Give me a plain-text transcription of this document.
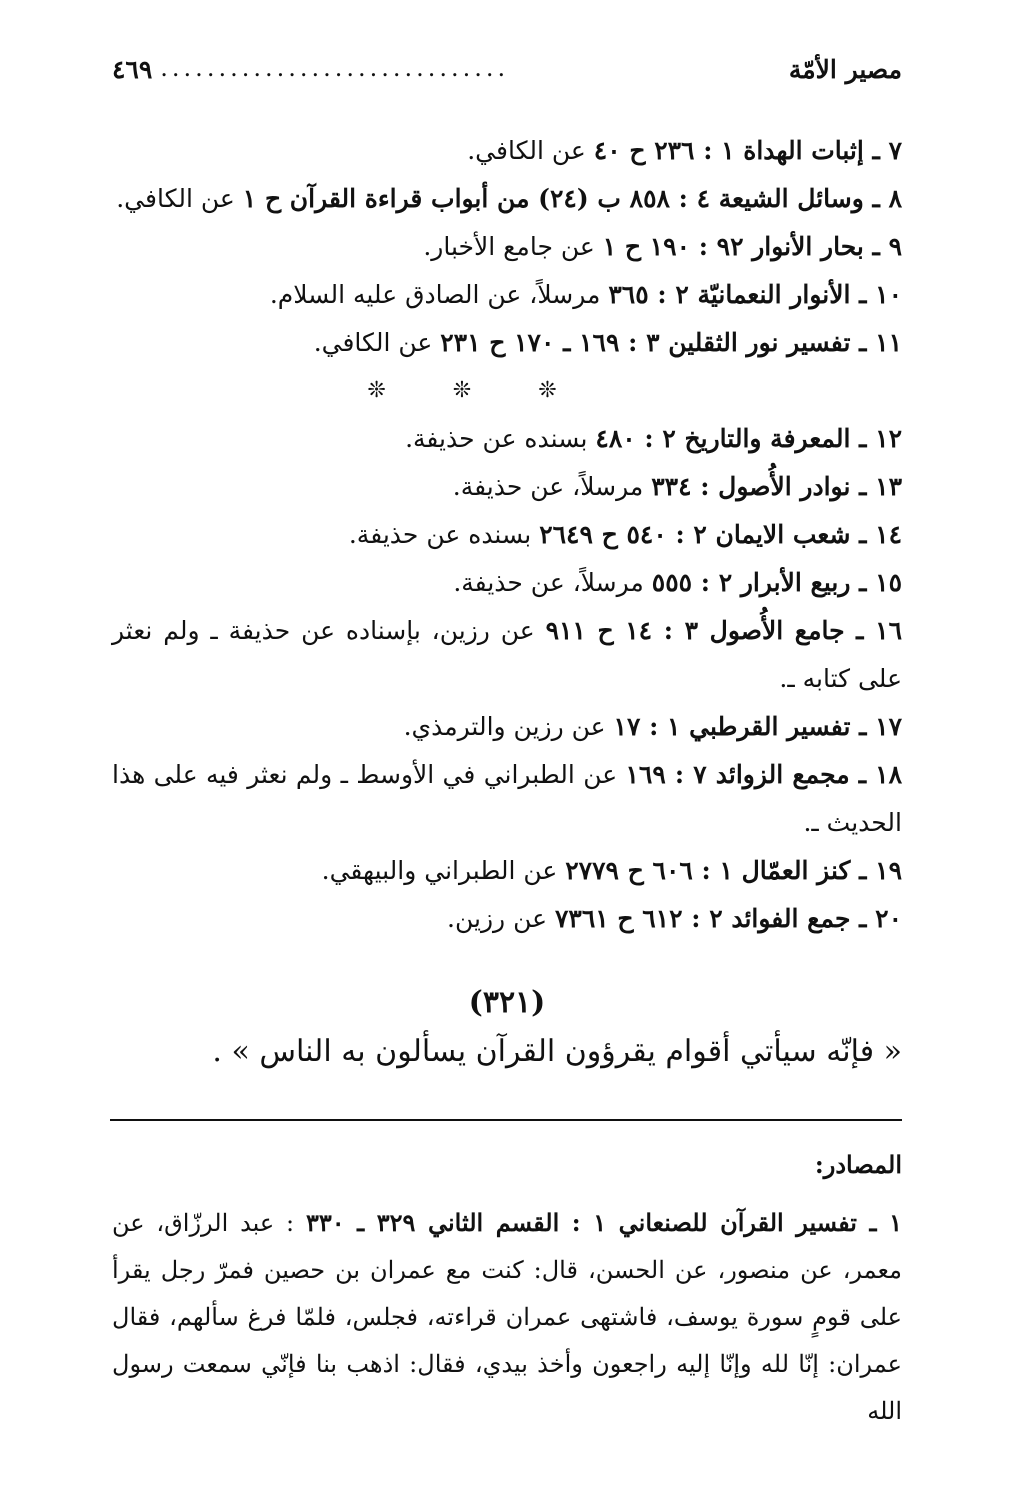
مصير الأمّة
..............................
٤٦٩

٧ ـ إثبات الهداة ١ : ٢٣٦ ح ٤٠ عن الكافي.

٨ ـ وسائل الشيعة ٤ : ٨٥٨ ب (٢٤) من أبواب قراءة القرآن ح ١ عن الكافي.

٩ ـ بحار الأنوار ٩٢ : ١٩٠ ح ١ عن جامع الأخبار.

١٠ ـ الأنوار النعمانيّة ٢ : ٣٦٥ مرسلاً، عن الصادق عليه السلام.

١١ ـ تفسير نور الثقلين ٣ : ١٦٩ ـ ١٧٠ ح ٢٣١ عن الكافي.

❊ ❊ ❊

١٢ ـ المعرفة والتاريخ ٢ : ٤٨٠ بسنده عن حذيفة.

١٣ ـ نوادر الأُصول : ٣٣٤ مرسلاً، عن حذيفة.

١٤ ـ شعب الايمان ٢ : ٥٤٠ ح ٢٦٤٩ بسنده عن حذيفة.

١٥ ـ ربيع الأبرار ٢ : ٥٥٥ مرسلاً، عن حذيفة.

١٦ ـ جامع الأُصول ٣ : ١٤ ح ٩١١ عن رزين، بإسناده عن حذيفة ـ ولم نعثر على كتابه ـ.

١٧ ـ تفسير القرطبي ١ : ١٧ عن رزين والترمذي.

١٨ ـ مجمع الزوائد ٧ : ١٦٩ عن الطبراني في الأوسط ـ ولم نعثر فيه على هذا الحديث ـ.

١٩ ـ كنز العمّال ١ : ٦٠٦ ح ٢٧٧٩ عن الطبراني والبيهقي.

٢٠ ـ جمع الفوائد ٢ : ٦١٢ ح ٧٣٦١ عن رزين.

(٣٢١)
« فإنّه سيأتي أقوام يقرؤون القرآن يسألون به الناس » .
المصادر:

١ ـ تفسير القرآن للصنعاني ١ : القسم الثاني ٣٢٩ ـ ٣٣٠ : عبد الرزّاق، عن معمر، عن منصور، عن الحسن، قال: كنت مع عمران بن حصين فمرّ رجل يقرأ على قومٍ سورة يوسف، فاشتهى عمران قراءته، فجلس، فلمّا فرغ سألهم، فقال عمران: إنّا لله وإنّا إليه راجعون وأخذ بيدي، فقال: اذهب بنا فإنّي سمعت رسول الله
